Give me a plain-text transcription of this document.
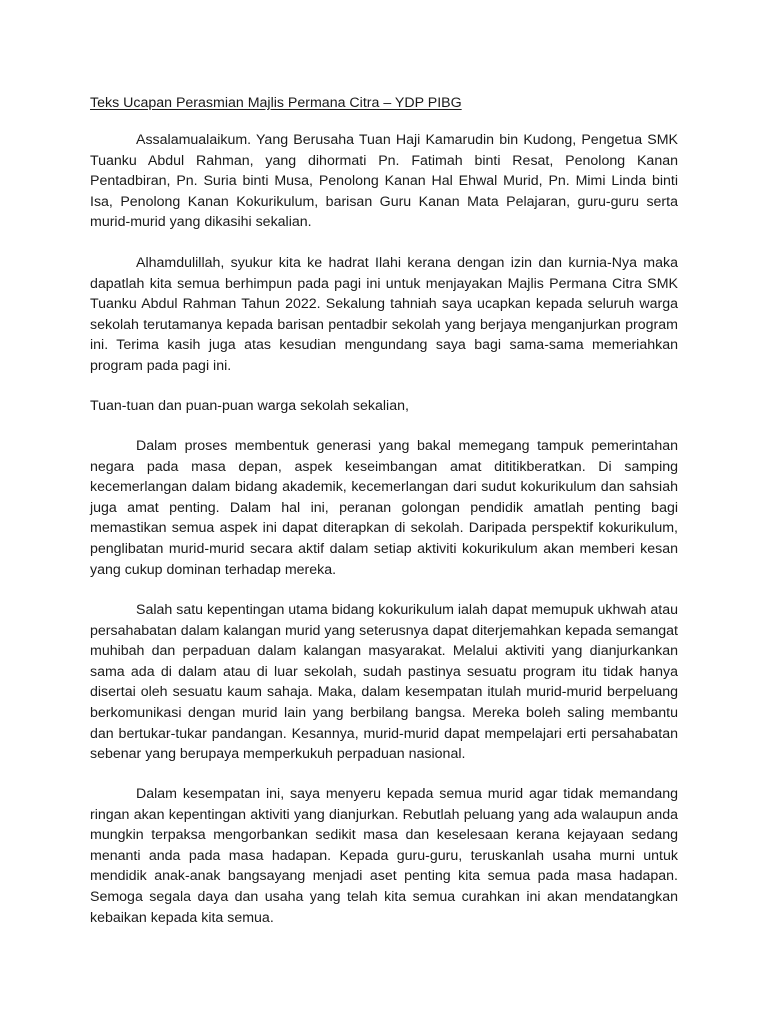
Teks Ucapan Perasmian Majlis Permana Citra – YDP PIBG

Assalamualaikum. Yang Berusaha Tuan Haji Kamarudin bin Kudong, Pengetua SMK Tuanku Abdul Rahman, yang dihormati Pn. Fatimah binti Resat, Penolong Kanan Pentadbiran, Pn. Suria binti Musa, Penolong Kanan Hal Ehwal Murid, Pn. Mimi Linda binti Isa, Penolong Kanan Kokurikulum, barisan Guru Kanan Mata Pelajaran, guru-guru serta murid-murid yang dikasihi sekalian.

Alhamdulillah, syukur kita ke hadrat Ilahi kerana dengan izin dan kurnia-Nya maka dapatlah kita semua berhimpun pada pagi ini untuk menjayakan Majlis Permana Citra SMK Tuanku Abdul Rahman Tahun 2022. Sekalung tahniah saya ucapkan kepada seluruh warga sekolah terutamanya kepada barisan pentadbir sekolah yang berjaya menganjurkan program ini. Terima kasih juga atas kesudian mengundang saya bagi sama-sama memeriahkan program pada pagi ini.

Tuan-tuan dan puan-puan warga sekolah sekalian,

Dalam proses membentuk generasi yang bakal memegang tampuk pemerintahan negara pada masa depan, aspek keseimbangan amat dititikberatkan. Di samping kecemerlangan dalam bidang akademik, kecemerlangan dari sudut kokurikulum dan sahsiah juga amat penting. Dalam hal ini, peranan golongan pendidik amatlah penting bagi memastikan semua aspek ini dapat diterapkan di sekolah. Daripada perspektif kokurikulum, penglibatan murid-murid secara aktif dalam setiap aktiviti kokurikulum akan memberi kesan yang cukup dominan terhadap mereka.

Salah satu kepentingan utama bidang kokurikulum ialah dapat memupuk ukhwah atau persahabatan dalam kalangan murid yang seterusnya dapat diterjemahkan kepada semangat muhibah dan perpaduan dalam kalangan masyarakat. Melalui aktiviti yang dianjurkankan sama ada di dalam atau di luar sekolah, sudah pastinya sesuatu program itu tidak hanya disertai oleh sesuatu kaum sahaja. Maka, dalam kesempatan itulah murid-murid berpeluang berkomunikasi dengan murid lain yang berbilang bangsa. Mereka boleh saling membantu dan bertukar-tukar pandangan. Kesannya, murid-murid dapat mempelajari erti persahabatan sebenar yang berupaya memperkukuh perpaduan nasional.

Dalam kesempatan ini, saya menyeru kepada semua murid agar tidak memandang ringan akan kepentingan aktiviti yang dianjurkan. Rebutlah peluang yang ada walaupun anda mungkin terpaksa mengorbankan sedikit masa dan keselesaan kerana kejayaan sedang menanti anda pada masa hadapan. Kepada guru-guru, teruskanlah usaha murni untuk mendidik anak-anak bangsayang menjadi aset penting kita semua pada masa hadapan. Semoga segala daya dan usaha yang telah kita semua curahkan ini akan mendatangkan kebaikan kepada kita semua.
